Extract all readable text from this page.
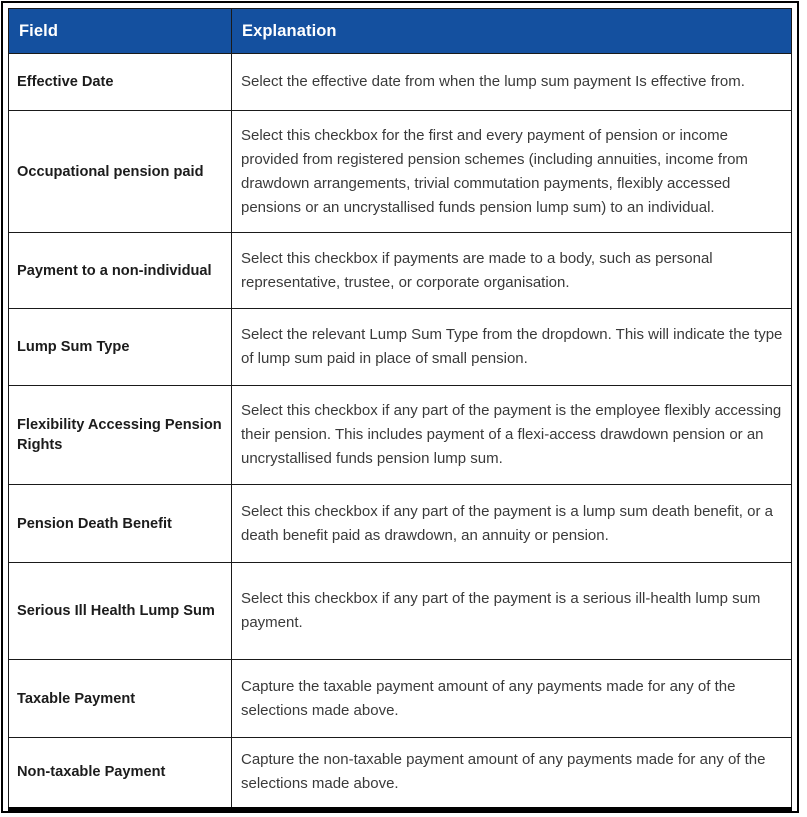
Field	Explanation
Effective Date	Select the effective date from when the lump sum payment Is effective from.
Occupational pension paid	Select this checkbox for the first and every payment of pension or income provided from registered pension schemes (including annuities, income from drawdown arrangements, trivial commutation payments, flexibly accessed pensions or an uncrystallised funds pension lump sum) to an individual.
Payment to a non-individual	Select this checkbox if payments are made to a body, such as personal representative, trustee, or corporate organisation.
Lump Sum Type	Select the relevant Lump Sum Type from the dropdown. This will indicate the type of lump sum paid in place of small pension.
Flexibility Accessing Pension Rights	Select this checkbox if any part of the payment is the employee flexibly accessing their pension. This includes payment of a flexi-access drawdown pension or an uncrystallised funds pension lump sum.
Pension Death Benefit	Select this checkbox if any part of the payment is a lump sum death benefit, or a death benefit paid as drawdown, an annuity or pension.
Serious Ill Health Lump Sum	Select this checkbox if any part of the payment is a serious ill-health lump sum payment.
Taxable Payment	Capture the taxable payment amount of any payments made for any of the selections made above.
Non-taxable Payment	Capture the non-taxable payment amount of any payments made for any of the selections made above.
